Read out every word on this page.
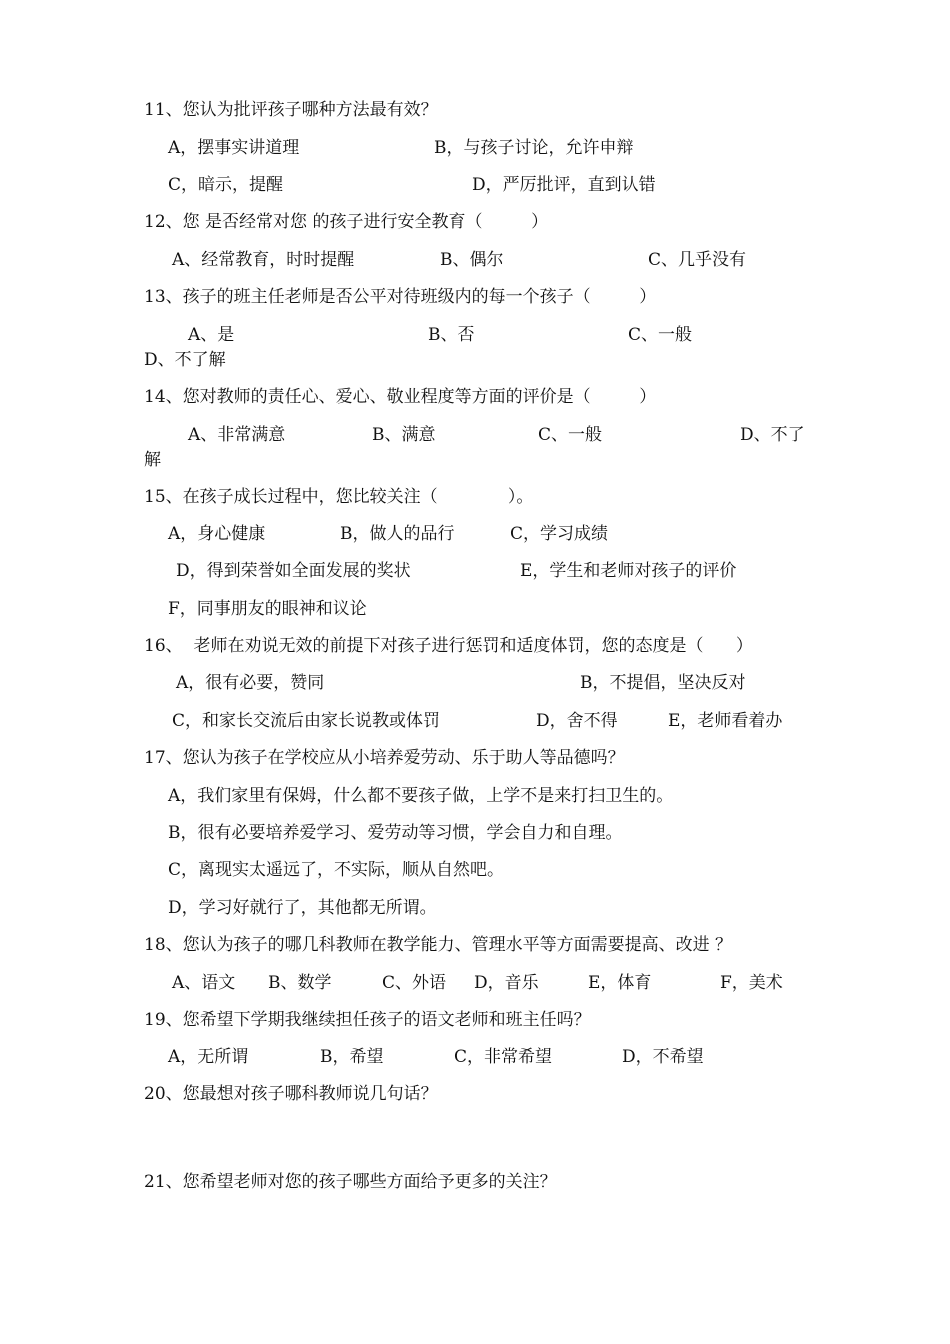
11、您认为批评孩子哪种方法最有效？
A，摆事实讲道理	B，与孩子讨论，允许申辩
C，暗示，提醒	D，严厉批评，直到认错
12、您 是否经常对您 的孩子进行安全教育（         ）
A、经常教育，时时提醒	B、偶尔	C、几乎没有
13、孩子的班主任老师是否公平对待班级内的每一个孩子（         ）
A、是	B、否	C、一般
D、不了解
14、您对教师的责任心、爱心、敬业程度等方面的评价是（         ）
A、非常满意	B、满意	C、一般	D、不了
解
15、在孩子成长过程中，您比较关注（             ）。
A，身心健康	B，做人的品行	C，学习成绩
D，得到荣誉如全面发展的奖状	E，学生和老师对孩子的评价
F，同事朋友的眼神和议论
16、  老师在劝说无效的前提下对孩子进行惩罚和适度体罚，您的态度是（      ）
A，很有必要，赞同	B，不提倡，坚决反对
C，和家长交流后由家长说教或体罚	D，舍不得	E，老师看着办
17、您认为孩子在学校应从小培养爱劳动、乐于助人等品德吗？
A，我们家里有保姆，什么都不要孩子做，上学不是来打扫卫生的。
B，很有必要培养爱学习、爱劳动等习惯，学会自力和自理。
C，离现实太遥远了，不实际，顺从自然吧。
D，学习好就行了，其他都无所谓。
18、您认为孩子的哪几科教师在教学能力、管理水平等方面需要提高、改进 ？
A、语文 B、数学	C、外语 D，音乐	E，体育	F，美术
19、您希望下学期我继续担任孩子的语文老师和班主任吗？
A，无所谓	B，希望	C，非常希望	D，不希望
20、您最想对孩子哪科教师说几句话？
21、您希望老师对您的孩子哪些方面给予更多的关注？
